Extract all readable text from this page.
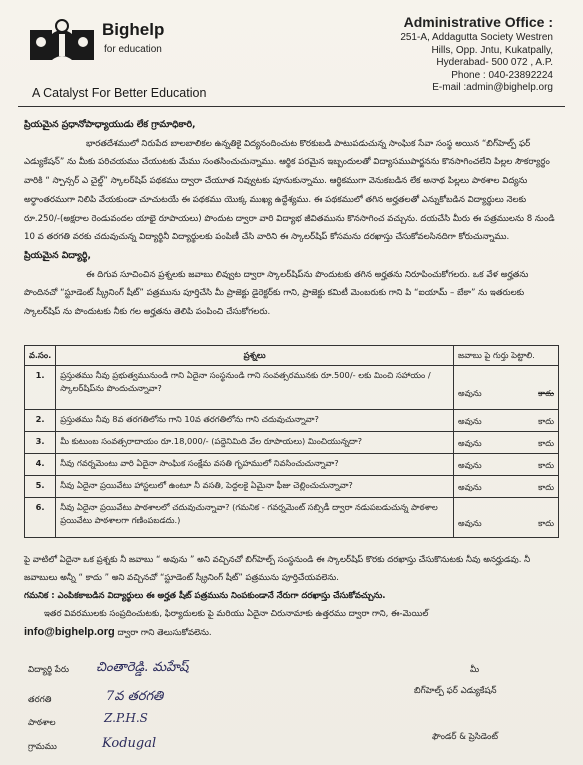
Bighelp
for education
A Catalyst For Better Education
Administrative Office :
251-A, Addagutta Society Westren
Hills, Opp. Jntu, Kukatpally,
Hyderabad- 500 072 , A.P.
Phone : 040-23892224
E-mail :admin@bighelp.org

ప్రియమైన ప్రధానోపాధ్యాయుడు లేక గ్రామాధికారి,

భారతదేశములో నిరుపేద బాలబాలికల ఉన్నతికై విద్యనందించుట కొరకుబడి పాటుపడుచున్న సాంఘిక సేవా సంస్థ అయిన “బిగ్‌హెల్ప్ ఫర్ ఎడ్యుకేషన్” ను మీకు పరిచయము చేయుటకు మేము సంతసించుచున్నాము. ఆర్థిక పరమైన ఇబ్బందులతో విద్యాసముపార్జనను కొనసాగించలేని పిల్లల సౌకర్యార్థం వారికి “ స్పాన్సర్ ఎ చైల్డ్” స్కాలర్‌షిప్ పథకము ద్వారా చేయూత నివ్వుటకు పూనుకున్నాము. ఆర్థికముగా వెనుకబడిన లేక అనాథ పిల్లలు పాఠశాల విద్యను అర్ధాంతరముగా నిలిపి వేయకుండా చూచుటయే ఈ పథకము యొక్క ముఖ్య ఉద్దేశ్యము. ఈ పథకములో తగిన అర్హతలతో ఎన్నుకోబడిన విద్యార్థులు నెలకు రూ.250/-(అక్షరాల రెండువందల యాభై రూపాయలు) పొందుట ద్వారా వారి విద్యాభ జీవితమును కొనసాగించ వచ్చును. దయచేసి మీరు ఈ పత్రములను 8 నుండి 10 వ తరగతి వరకు చదువుచున్న విద్యార్థినీ విద్యార్థులకు పంపిణీ చేసి వారిని ఈ స్కాలర్‌షిప్ కోసమను దరఖాస్తు చేసుకోవలసినదిగా కోరుచున్నాము.

ప్రియమైన విద్యార్థి,

ఈ దిగువ సూచించిన ప్రశ్నలకు జవాబు లివ్వుట ద్వారా స్కాలర్‌షిప్‌ను పొందుటకు తగిన అర్హతను నిరూపించుకోగలరు. ఒక వేళ అర్హతను పొందినచో “స్టూడెంట్ స్క్రీనింగ్ షీట్” పత్రమును పూర్తిచేసి మీ ప్రాజెక్టు డైరెక్టర్‌కు గాని, ప్రాజెక్టు కమిటీ మెంబరుకు గాని పి “ఐయామ్ – బేకా” ను ఇతరులకు స్కాలర్‌షిప్ ను పొందుటకు నీకు గల అర్హతను తెలిపి పంపించి చేసుకోగలరు.

వ.సం.	ప్రశ్నలు	జవాబు పై గుర్తు పెట్టాలి.
1.	ప్రస్తుతము నీవు ప్రభుత్వమునుండి గాని ఏదైనా సంస్థనుండి గాని సంవత్సరమునకు రూ.500/- లకు మించి సహాయం / స్కాలర్‌షిప్‌ను పొందుచున్నావా?	అవును కాదు

2.	ప్రస్తుతము నీవు 8వ తరగతిలోను గాని 10వ తరగతిలోను గాని చదువుచున్నావా?	అవును కాదు

3.	మీ కుటుంబ సంవత్సరాదాయం రూ.18,000/- (పద్దెనిమిది వేల రూపాయలు) మించియున్నదా?	అవును కాదు

4.	నీవు గవర్నమెంటు వారి ఏదైనా సాంఘిక సంక్షేమ వసతి గృహములో నివసించుచున్నావా?	అవును కాదు

5.	నీవు ఏదైనా ప్రయివేటు హాస్టలులో ఉంటూ నీ వసతి, పెద్దలకై ఏమైనా ఫీజు చెల్లించుచున్నావా?	అవును కాదు

6.	నీవు ఏదైనా ప్రయివేటు పాఠశాలలో చదువుచున్నావా? (గమనిక - గవర్నమెంట్ సబ్సిడీ ద్వారా నడుపబడుచున్న పాఠశాల ప్రయివేటు పాఠశాలగా గణింపబడదు.)	అవును కాదు

పై వాటిలో ఏదైనా ఒక ప్రశ్నకు నీ జవాబు “ అవును ” అని వచ్చినచో బిగ్‌హెల్ప్ సంస్థనుండి ఈ స్కాలర్‌షిప్ కొరకు దరఖాస్తు చేసుకొనుటకు నీవు అనర్హుడవు. నీ జవాబులు అన్నీ “ కాదు ” అని వచ్చినచో “స్టూడెంట్ స్క్రీనింగ్ షీట్” పత్రమును పూర్తిచేయవలెను.

గమనిక : ఎంపికకాబడిన విద్యార్థులు ఈ అర్హత షీట్ పత్రమును నింపకుండానే నేరుగా దరఖాస్తు చేసుకోవచ్చును.

ఇతర వివరములకు సంప్రదించుటకు, ఫిర్యాదులకు పై మరియు ఏదైనా చిరునామాకు ఉత్తరము ద్వారా గాని, ఈ-మెయిల్

info@bighelp.org ద్వారా గాని తెలుసుకోవలెను.

విద్యార్థి పేరు చింతారెడ్డి. మహేష్
తరగతి	7వ తరగతి
పాఠశాల	Z.P.H.S
గ్రామము	Kodugal
మీ
బిగ్‌హెల్ప్ ఫర్ ఎడ్యుకేషన్
ఫౌండర్ & ప్రెసిడెంట్
